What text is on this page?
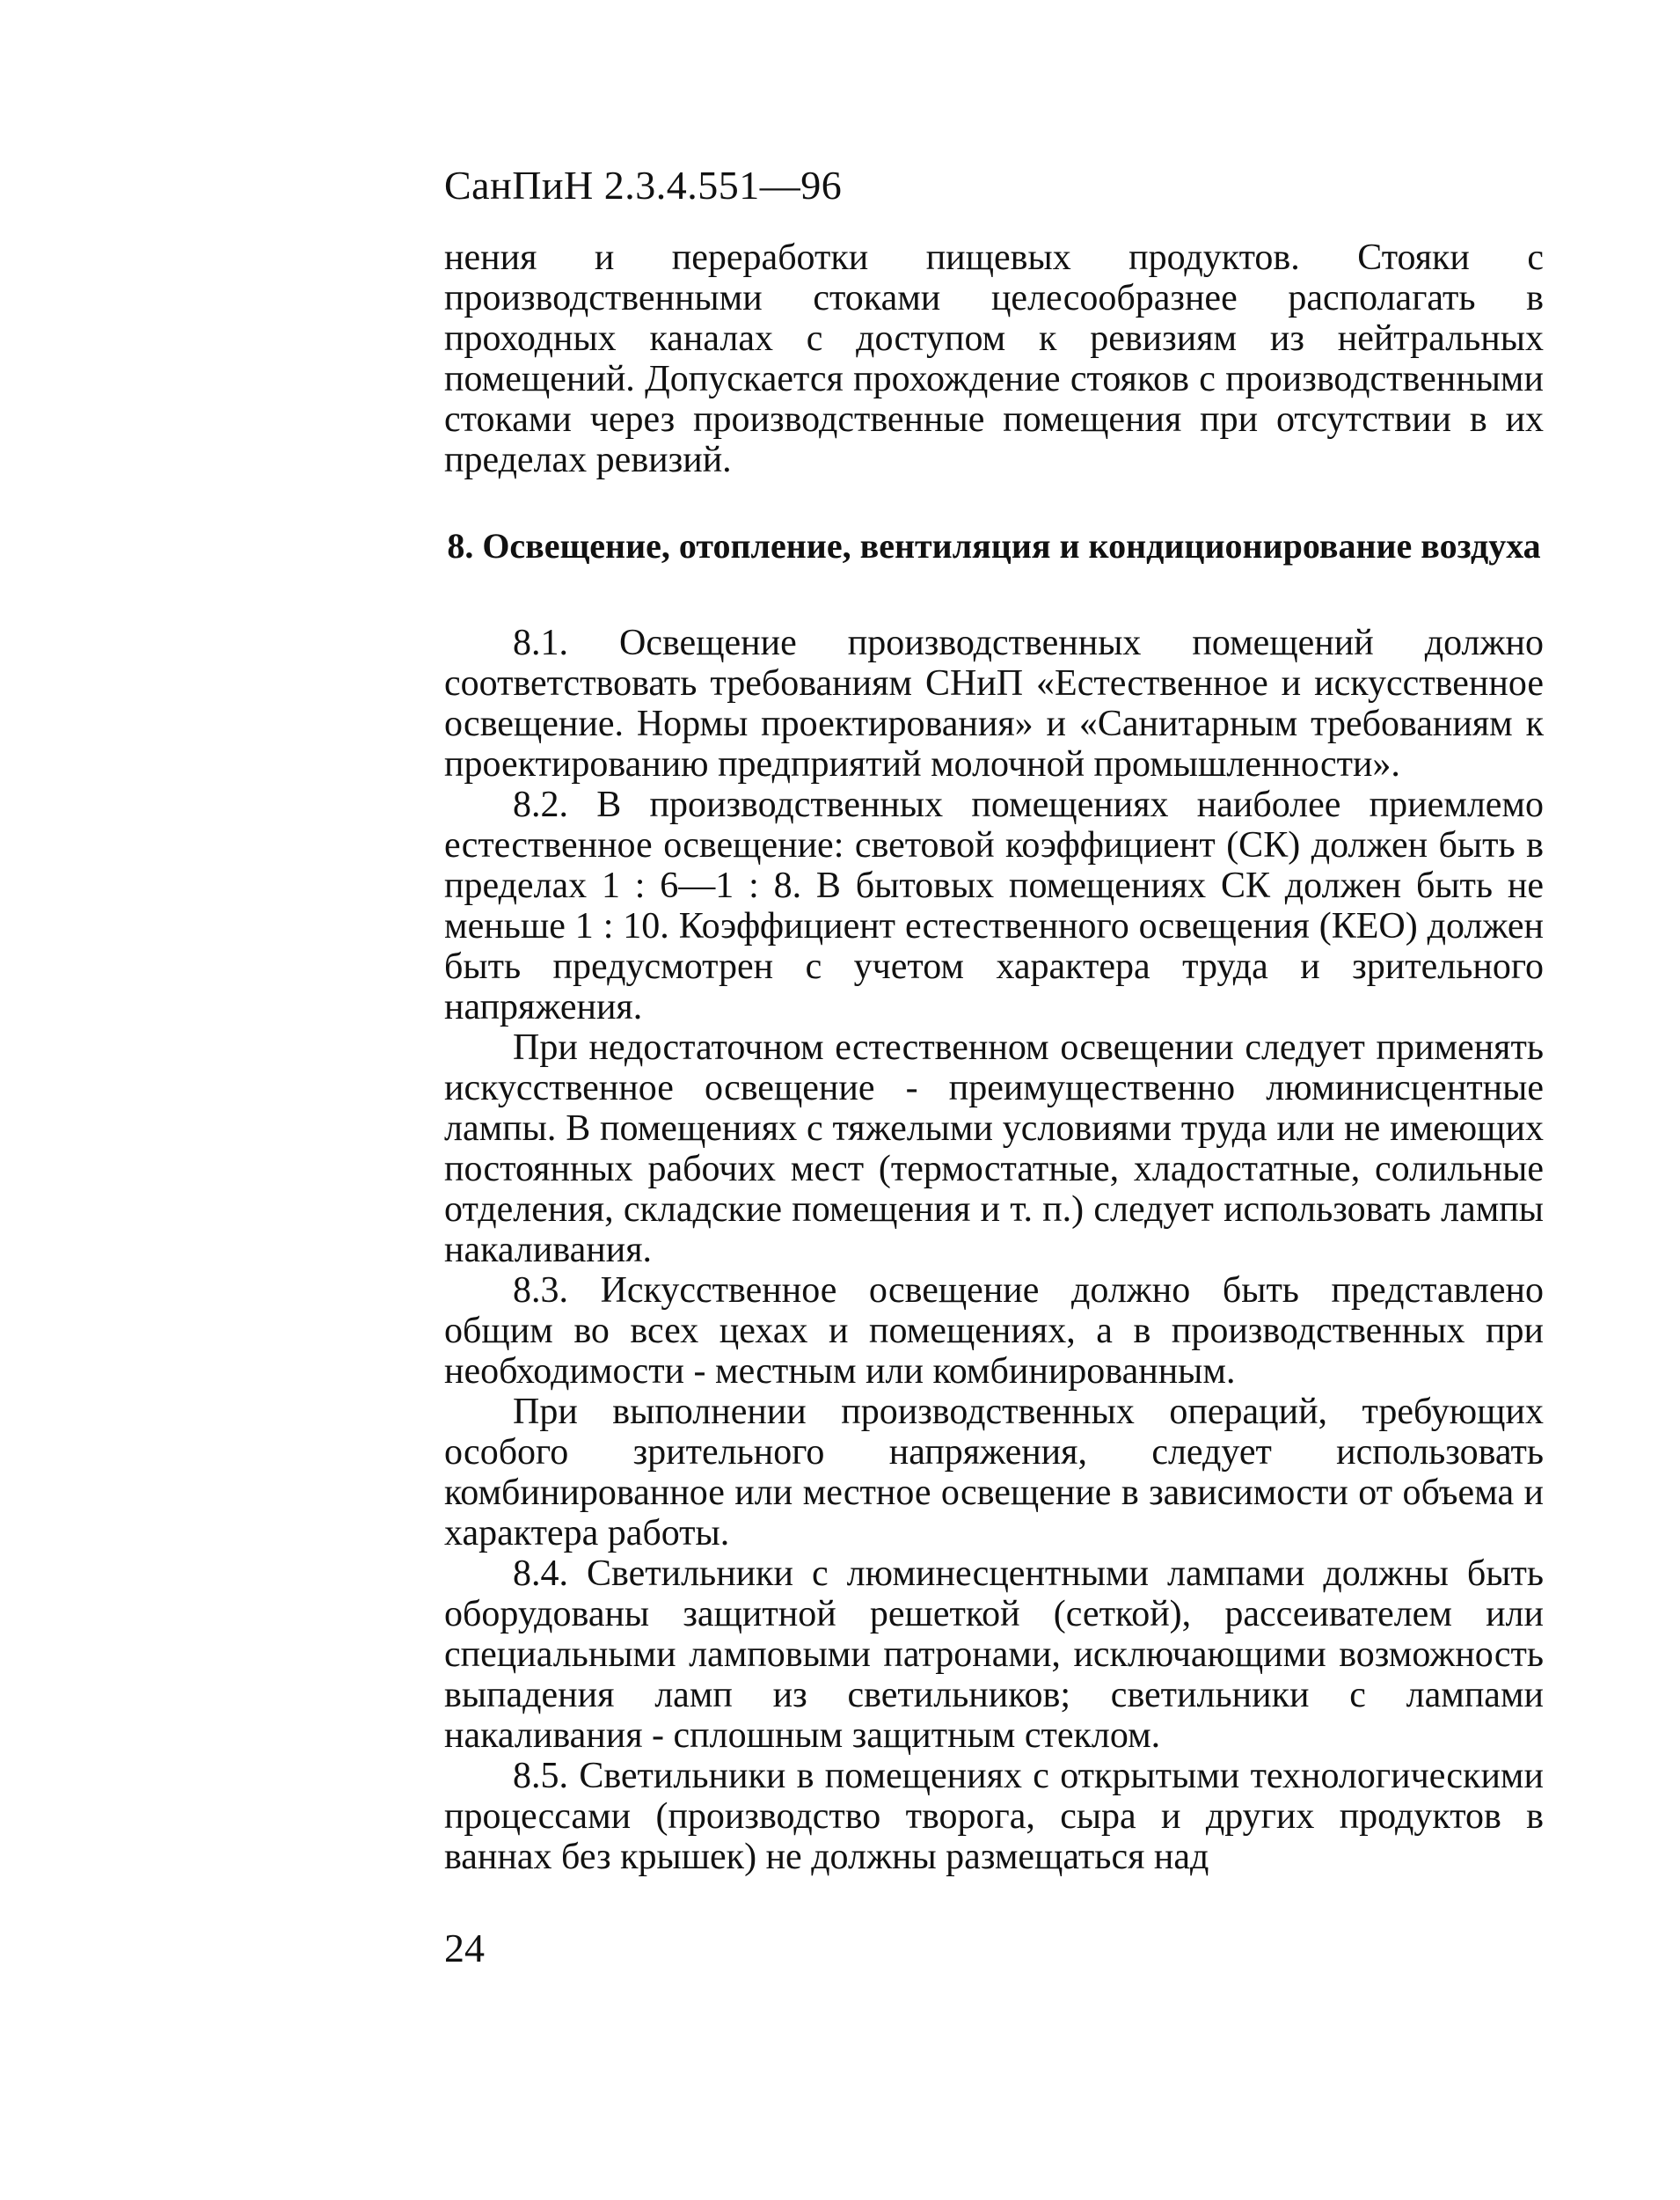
СанПиН 2.3.4.551—96

нения и переработки пищевых продуктов. Стояки с производственными стоками целесообразнее располагать в проходных каналах с доступом к ревизиям из нейтральных помещений. Допускается прохождение стояков с производственными стоками через производственные помещения при отсутствии в их пределах ревизий.

8. Освещение, отопление, вентиляция и кондиционирование воздуха

8.1. Освещение производственных помещений должно соответствовать требованиям СНиП «Естественное и искусственное освещение. Нормы проектирования» и «Санитарным требованиям к проектированию предприятий молочной промышленности».

8.2. В производственных помещениях наиболее приемлемо естественное освещение: световой коэффициент (СК) должен быть в пределах 1 : 6—1 : 8. В бытовых помещениях СК должен быть не меньше 1 : 10. Коэффициент естественного освещения (КЕО) должен быть предусмотрен с учетом характера труда и зрительного напряжения.

При недостаточном естественном освещении следует применять искусственное освещение - преимущественно люминисцентные лампы. В помещениях с тяжелыми условиями труда или не имеющих постоянных рабочих мест (термостатные, хладостатные, солильные отделения, складские помещения и т. п.) следует использовать лампы накаливания.

8.3. Искусственное освещение должно быть представлено общим во всех цехах и помещениях, а в производственных при необходимости - местным или комбинированным.

При выполнении производственных операций, требующих особого зрительного напряжения, следует использовать комбинированное или местное освещение в зависимости от объема и характера работы.

8.4. Светильники с люминесцентными лампами должны быть оборудованы защитной решеткой (сеткой), рассеивателем или специальными ламповыми патронами, исключающими возможность выпадения ламп из светильников; светильники с лампами накаливания - сплошным защитным стеклом.

8.5. Светильники в помещениях с открытыми технологическими процессами (производство творога, сыра и других продуктов в ваннах без крышек) не должны размещаться над

24
